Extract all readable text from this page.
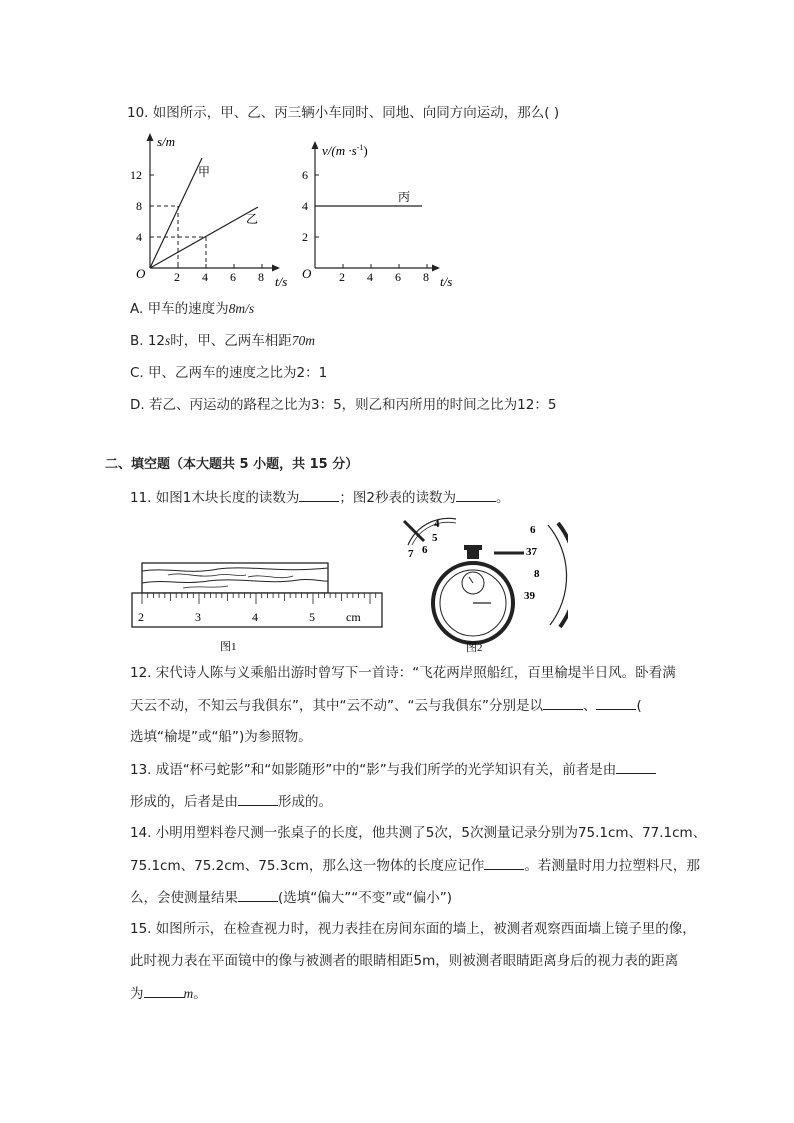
10. 如图所示，甲、乙、丙三辆小车同时、同地、向同方向运动，那么( )
甲
乙
s/m
t/s
O
4
8
12
2 4 6 8
丙
$v/(m \cdot s^{-1})$
t/s
O
2
4
6
2 4 6 8
A. 甲车的速度为8m/s
B. 12s时，甲、乙两车相距70m
C. 甲、乙两车的速度之比为2：1
D. 若乙、丙运动的路程之比为3：5，则乙和丙所用的时间之比为12：5
二、填空题（本大题共 5 小题，共 15 分）
11. 如图1木块长度的读数为	；图2秒表的读数为	。
2	3	4	5	cm
图1
4
5
6
7
6
37
8
39
图2
12. 宋代诗人陈与义乘船出游时曾写下一首诗：“飞花两岸照船红，百里榆堤半日风。卧看满
天云不动，不知云与我俱东”，其中“云不动”、“云与我俱东”分别是以	、	(
选填“榆堤”或“船”)为参照物。
13. 成语“杯弓蛇影”和“如影随形”中的“影”与我们所学的光学知识有关，前者是由
形成的，后者是由	形成的。
14. 小明用塑料卷尺测一张桌子的长度，他共测了5次，5次测量记录分别为75.1cm、77.1cm、
75.1cm、75.2cm、75.3cm，那么这一物体的长度应记作	。若测量时用力拉塑料尺，那
么，会使测量结果	(选填“偏大”“不变”或“偏小”)
15. 如图所示，在检查视力时，视力表挂在房间东面的墙上，被测者观察西面墙上镜子里的像，
此时视力表在平面镜中的像与被测者的眼睛相距5m，则被测者眼睛距离身后的视力表的距离
为	m。
